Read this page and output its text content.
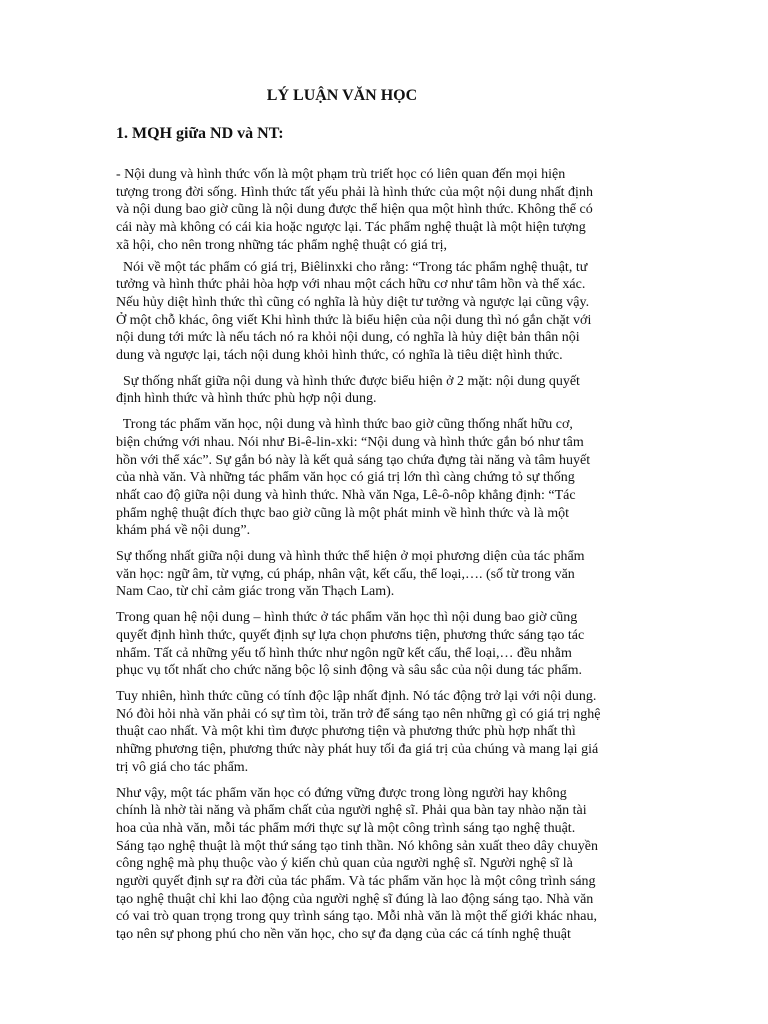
LÝ LUẬN VĂN HỌC
1. MQH giữa ND và NT:
- Nội dung và hình thức vốn là một phạm trù triết học có liên quan đến mọi hiện
tượng trong đời sống. Hình thức tất yếu phải là hình thức của một nội dung nhất định
và nội dung bao giờ cũng là nội dung được thể hiện qua một hình thức. Không thể có
cái này mà không có cái kia hoặc ngược lại. Tác phẩm nghệ thuật là một hiện tượng
xã hội, cho nên trong những tác phẩm nghệ thuật có giá trị,
Nói về một tác phẩm có giá trị, Biêlinxki cho rằng: “Trong tác phẩm nghệ thuật, tư
tưởng và hình thức phải hòa hợp với nhau một cách hữu cơ như tâm hồn và thể xác.
Nếu hủy diệt hình thức thì cũng có nghĩa là hủy diệt tư tưởng và ngược lại cũng vậy.
Ở một chỗ khác, ông viết Khi hình thức là biểu hiện của nội dung thì nó gắn chặt với
nội dung tới mức là nếu tách nó ra khỏi nội dung, có nghĩa là hủy diệt bản thân nội
dung và ngược lại, tách nội dung khỏi hình thức, có nghĩa là tiêu diệt hình thức.
Sự thống nhất giữa nội dung và hình thức được biểu hiện ở 2 mặt: nội dung quyết
định hình thức và hình thức phù hợp nội dung.
Trong tác phẩm văn học, nội dung và hình thức bao giờ cũng thống nhất hữu cơ,
biện chứng với nhau. Nói như Bi-ê-lin-xki: “Nội dung và hình thức gắn bó như tâm
hồn với thể xác”. Sự gắn bó này là kết quả sáng tạo chứa đựng tài năng và tâm huyết
của nhà văn. Và những tác phẩm văn học có giá trị lớn thì càng chứng tỏ sự thống
nhất cao độ giữa nội dung và hình thức. Nhà văn Nga, Lê-ô-nôp khẳng định: “Tác
phẩm nghệ thuật đích thực bao giờ cũng là một phát minh về hình thức và là một
khám phá về nội dung”.
Sự thống nhất giữa nội dung và hình thức thể hiện ở mọi phương diện của tác phẩm
văn học: ngữ âm, từ vựng, cú pháp, nhân vật, kết cấu, thể loại,…. (số từ trong văn
Nam Cao, từ chỉ cảm giác trong văn Thạch Lam).
Trong quan hệ nội dung – hình thức ở tác phẩm văn học thì nội dung bao giờ cũng
quyết định hình thức, quyết định sự lựa chọn phươns tiện, phương thức sáng tạo tác
nhẩm. Tất cả những yếu tố hình thức như ngôn ngữ kết cấu, thể loại,… đều nhằm
phục vụ tốt nhất cho chức năng bộc lộ sinh động và sâu sắc của nội dung tác phẩm.
Tuy nhiên, hình thức cũng có tính độc lập nhất định. Nó tác động trở lại với nội dung.
Nó đòi hỏi nhà văn phải có sự tìm tòi, trăn trở để sáng tạo nên những gì có giá trị nghệ
thuật cao nhất. Và một khi tìm được phương tiện và phương thức phù hợp nhất thì
những phương tiện, phương thức này phát huy tối đa giá trị của chúng và mang lại giá
trị vô giá cho tác phẩm.
Như vậy, một tác phẩm văn học có đứng vững được trong lòng người hay không
chính là nhờ tài năng và phẩm chất của người nghệ sĩ. Phải qua bàn tay nhào nặn tài
hoa của nhà văn, mỗi tác phẩm mới thực sự là một công trình sáng tạo nghệ thuật.
Sáng tạo nghệ thuật là một thứ sáng tạo tinh thần. Nó không sản xuất theo dây chuyền
công nghệ mà phụ thuộc vào ý kiến chủ quan của người nghệ sĩ. Người nghệ sĩ là
người quyết định sự ra đời của tác phẩm. Và tác phẩm văn học là một công trình sáng
tạo nghệ thuật chỉ khi lao động của người nghệ sĩ đúng là lao động sáng tạo. Nhà văn
có vai trò quan trọng trong quy trình sáng tạo. Mỗi nhà văn là một thế giới khác nhau,
tạo nên sự phong phú cho nền văn học, cho sự đa dạng của các cá tính nghệ thuật
